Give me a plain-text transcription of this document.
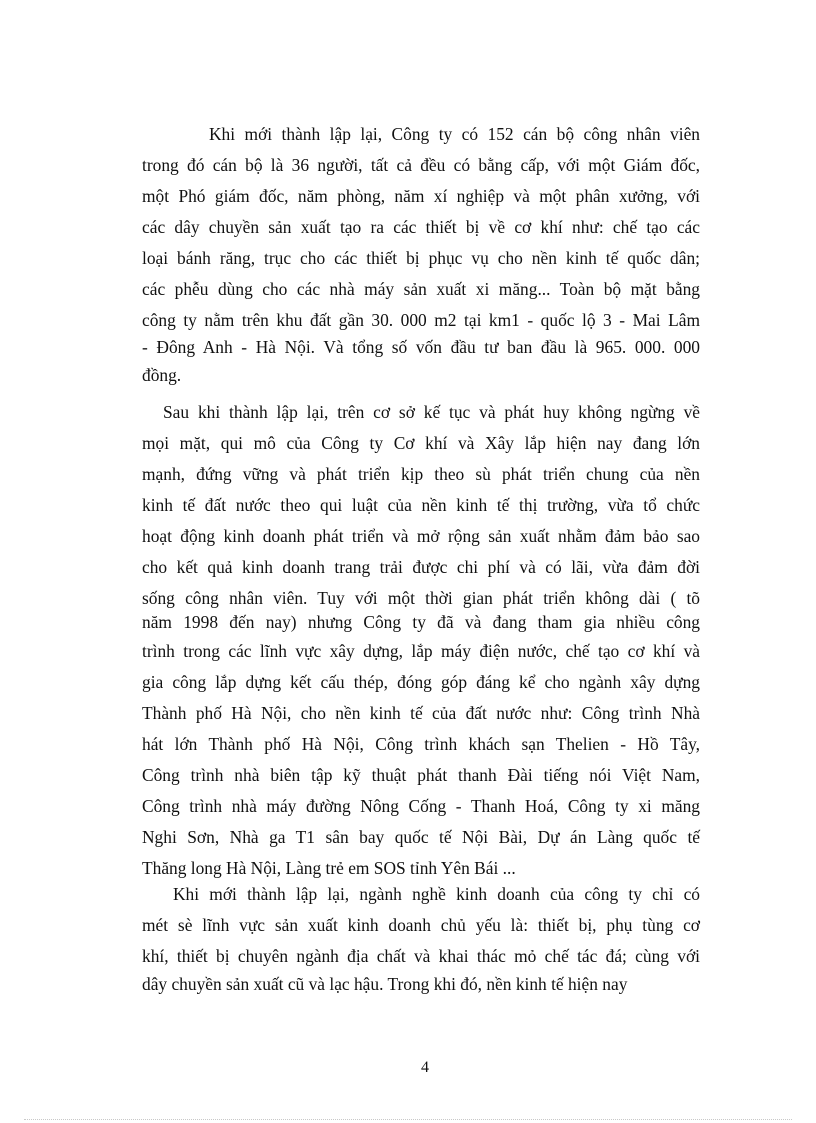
Khi mới thành lập lại, Công ty có 152 cán bộ công nhân viên
trong đó cán bộ là 36 người, tất cả đều có bằng cấp, với một Giám đốc,
một Phó giám đốc, năm phòng, năm xí nghiệp và một phân xưởng, với
các dây chuyền sản xuất tạo ra các thiết bị về cơ khí như: chế tạo các
loại bánh răng, trục cho các thiết bị phục vụ cho nền kinh tế quốc dân;
các phễu dùng cho các nhà máy sản xuất xi măng... Toàn bộ mặt bằng
công ty nằm trên khu đất gần 30. 000 m2 tại km1 - quốc lộ 3 - Mai Lâm
- Đông Anh - Hà Nội. Và tổng số vốn đầu tư ban đầu là 965. 000. 000
đồng.
Sau khi thành lập lại, trên cơ sở kế tục và phát huy không ngừng về
mọi mặt, qui mô của Công ty Cơ khí và Xây lắp hiện nay đang lớn
mạnh, đứng vững và phát triển kịp theo sù phát triển chung của nền
kinh tế đất nước theo qui luật của nền kinh tế thị trường, vừa tổ chức
hoạt động kinh doanh phát triển và mở rộng sản xuất nhằm đảm bảo sao
cho kết quả kinh doanh trang trải được chi phí và có lãi, vừa đảm đời
sống công nhân viên. Tuy với một thời gian phát triển không dài ( tõ
năm 1998 đến nay) nhưng Công ty đã và đang tham gia nhiều công
trình trong các lĩnh vực xây dựng, lắp máy điện nước, chế tạo cơ khí và
gia công lắp dựng kết cấu thép, đóng góp đáng kể cho ngành xây dựng
Thành phố Hà Nội, cho nền kinh tế của đất nước như: Công trình Nhà
hát lớn Thành phố Hà Nội, Công trình khách sạn Thelien - Hồ Tây,
Công trình nhà biên tập kỹ thuật phát thanh Đài tiếng nói Việt Nam,
Công trình nhà máy đường Nông Cống - Thanh Hoá, Công ty xi măng
Nghi Sơn, Nhà ga T1 sân bay quốc tế Nội Bài, Dự án Làng quốc tế
Thăng long Hà Nội, Làng trẻ em SOS tỉnh Yên Bái ...
Khi mới thành lập lại, ngành nghề kinh doanh của công ty chỉ có
mét sè lĩnh vực sản xuất kinh doanh chủ yếu là: thiết bị, phụ tùng cơ
khí, thiết bị chuyên ngành địa chất và khai thác mỏ chế tác đá; cùng với
dây chuyền sản xuất cũ và lạc hậu. Trong khi đó, nền kinh tế hiện nay
4
